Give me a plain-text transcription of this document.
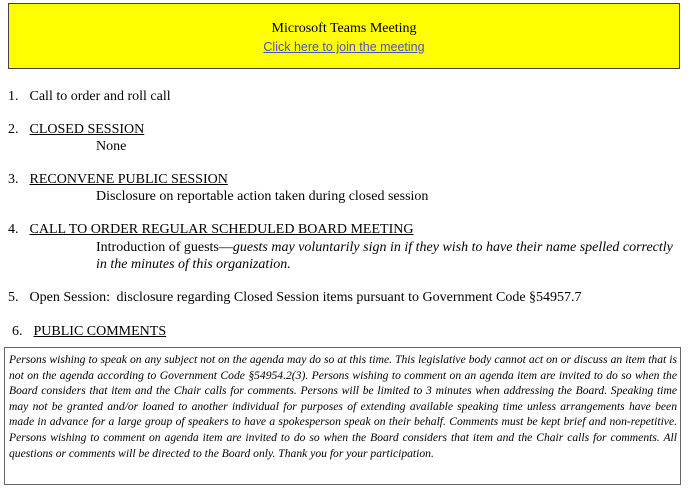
Microsoft Teams Meeting
Click here to join the meeting
1. Call to order and roll call
2. CLOSED SESSION
None
3. RECONVENE PUBLIC SESSION
Disclosure on reportable action taken during closed session
4. CALL TO ORDER REGULAR SCHEDULED BOARD MEETING
Introduction of guests—guests may voluntarily sign in if they wish to have their name spelled correctly
in the minutes of this organization.
5. Open Session: disclosure regarding Closed Session items pursuant to Government Code §54957.7
6. PUBLIC COMMENTS
Persons wishing to speak on any subject not on the agenda may do so at this time. This legislative body cannot act on or discuss an item that is not on the agenda according to Government Code §54954.2(3). Persons wishing to comment on an agenda item are invited to do so when the Board considers that item and the Chair calls for comments. Persons will be limited to 3 minutes when addressing the Board. Speaking time may not be granted and/or loaned to another individual for purposes of extending available speaking time unless arrangements have been made in advance for a large group of speakers to have a spokesperson speak on their behalf. Comments must be kept brief and non-repetitive. Persons wishing to comment on agenda item are invited to do so when the Board considers that item and the Chair calls for comments. All questions or comments will be directed to the Board only. Thank you for your participation.
